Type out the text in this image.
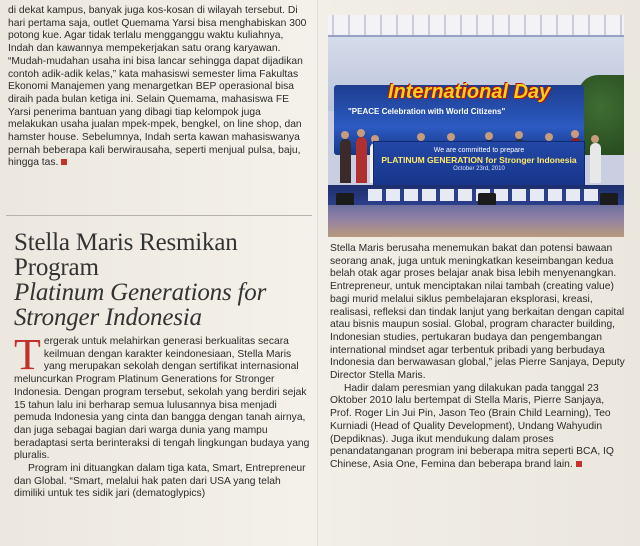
di dekat kampus, banyak juga kos-kosan di wilayah tersebut. Di hari pertama saja, outlet Quemama Yarsi bisa menghabiskan 300 potong kue. Agar tidak terlalu mengganggu waktu kuliahnya, Indah dan kawannya mempekerjakan satu orang karyawan. “Mudah-mudahan usaha ini bisa lancar sehingga dapat dijadikan contoh adik-adik kelas,” kata mahasiswi semester lima Fakultas Ekonomi Manajemen yang menargetkan BEP operasional bisa diraih pada bulan ketiga ini. Selain Quemama, mahasiswa FE Yarsi penerima bantuan yang dibagi tiap kelompok juga melakukan usaha jualan mpek-mpek, bengkel, on line shop, dan hamster house. Sebelumnya, Indah serta kawan mahasiswanya pernah beberapa kali berwirausaha, seperti menjual pulsa, baju, hingga tas.

Stella Maris Resmikan Program
Platinum Generations for Stronger Indonesia

Tergerak untuk melahirkan generasi berkualitas secara keilmuan dengan karakter keindonesiaan, Stella Maris yang merupakan sekolah dengan sertifikat internasional meluncurkan Program Platinum Generations for Stronger Indonesia. Dengan program tersebut, sekolah yang berdiri sejak 15 tahun lalu ini berharap semua lulusannya bisa menjadi pemuda Indonesia yang cinta dan bangga dengan tanah airnya, dan juga sebagai bagian dari warga dunia yang mampu beradaptasi serta berinteraksi di tengah lingkungan budaya yang pluralis.

Program ini dituangkan dalam tiga kata, Smart, Entrepreneur dan Global. “Smart, melalui hak paten dari USA yang telah dimiliki untuk tes sidik jari (dematoglypics)

International Day
"PEACE Celebration with World Citizens"
We are committed to prepare
PLATINUM GENERATION for Stronger Indonesia
October 23rd, 2010

Stella Maris berusaha menemukan bakat dan potensi bawaan seorang anak, juga untuk meningkatkan keseimbangan kedua belah otak agar proses belajar anak bisa lebih menyenangkan. Entrepreneur, untuk menciptakan nilai tambah (creating value) bagi murid melalui siklus pembelajaran eksplorasi, kreasi, realisasi, refleksi dan tindak lanjut yang berkaitan dengan capital atau bisnis maupun sosial. Global, program character building, Indonesian studies, pertukaran budaya dan pengembangan international mindset agar terbentuk pribadi yang berbudaya Indonesia dan berwawasan global,” jelas Pierre Sanjaya, Deputy Director Stella Maris.

Hadir dalam peresmian yang dilakukan pada tanggal 23 Oktober 2010 lalu bertempat di Stella Maris, Pierre Sanjaya, Prof. Roger Lin Jui Pin, Jason Teo (Brain Child Learning), Teo Kurniadi (Head of Quality Development), Undang Wahyudin (Depdiknas). Juga ikut mendukung dalam proses penandatanganan program ini beberapa mitra seperti BCA, IQ Chinese, Asia One, Femina dan beberapa brand lain.
